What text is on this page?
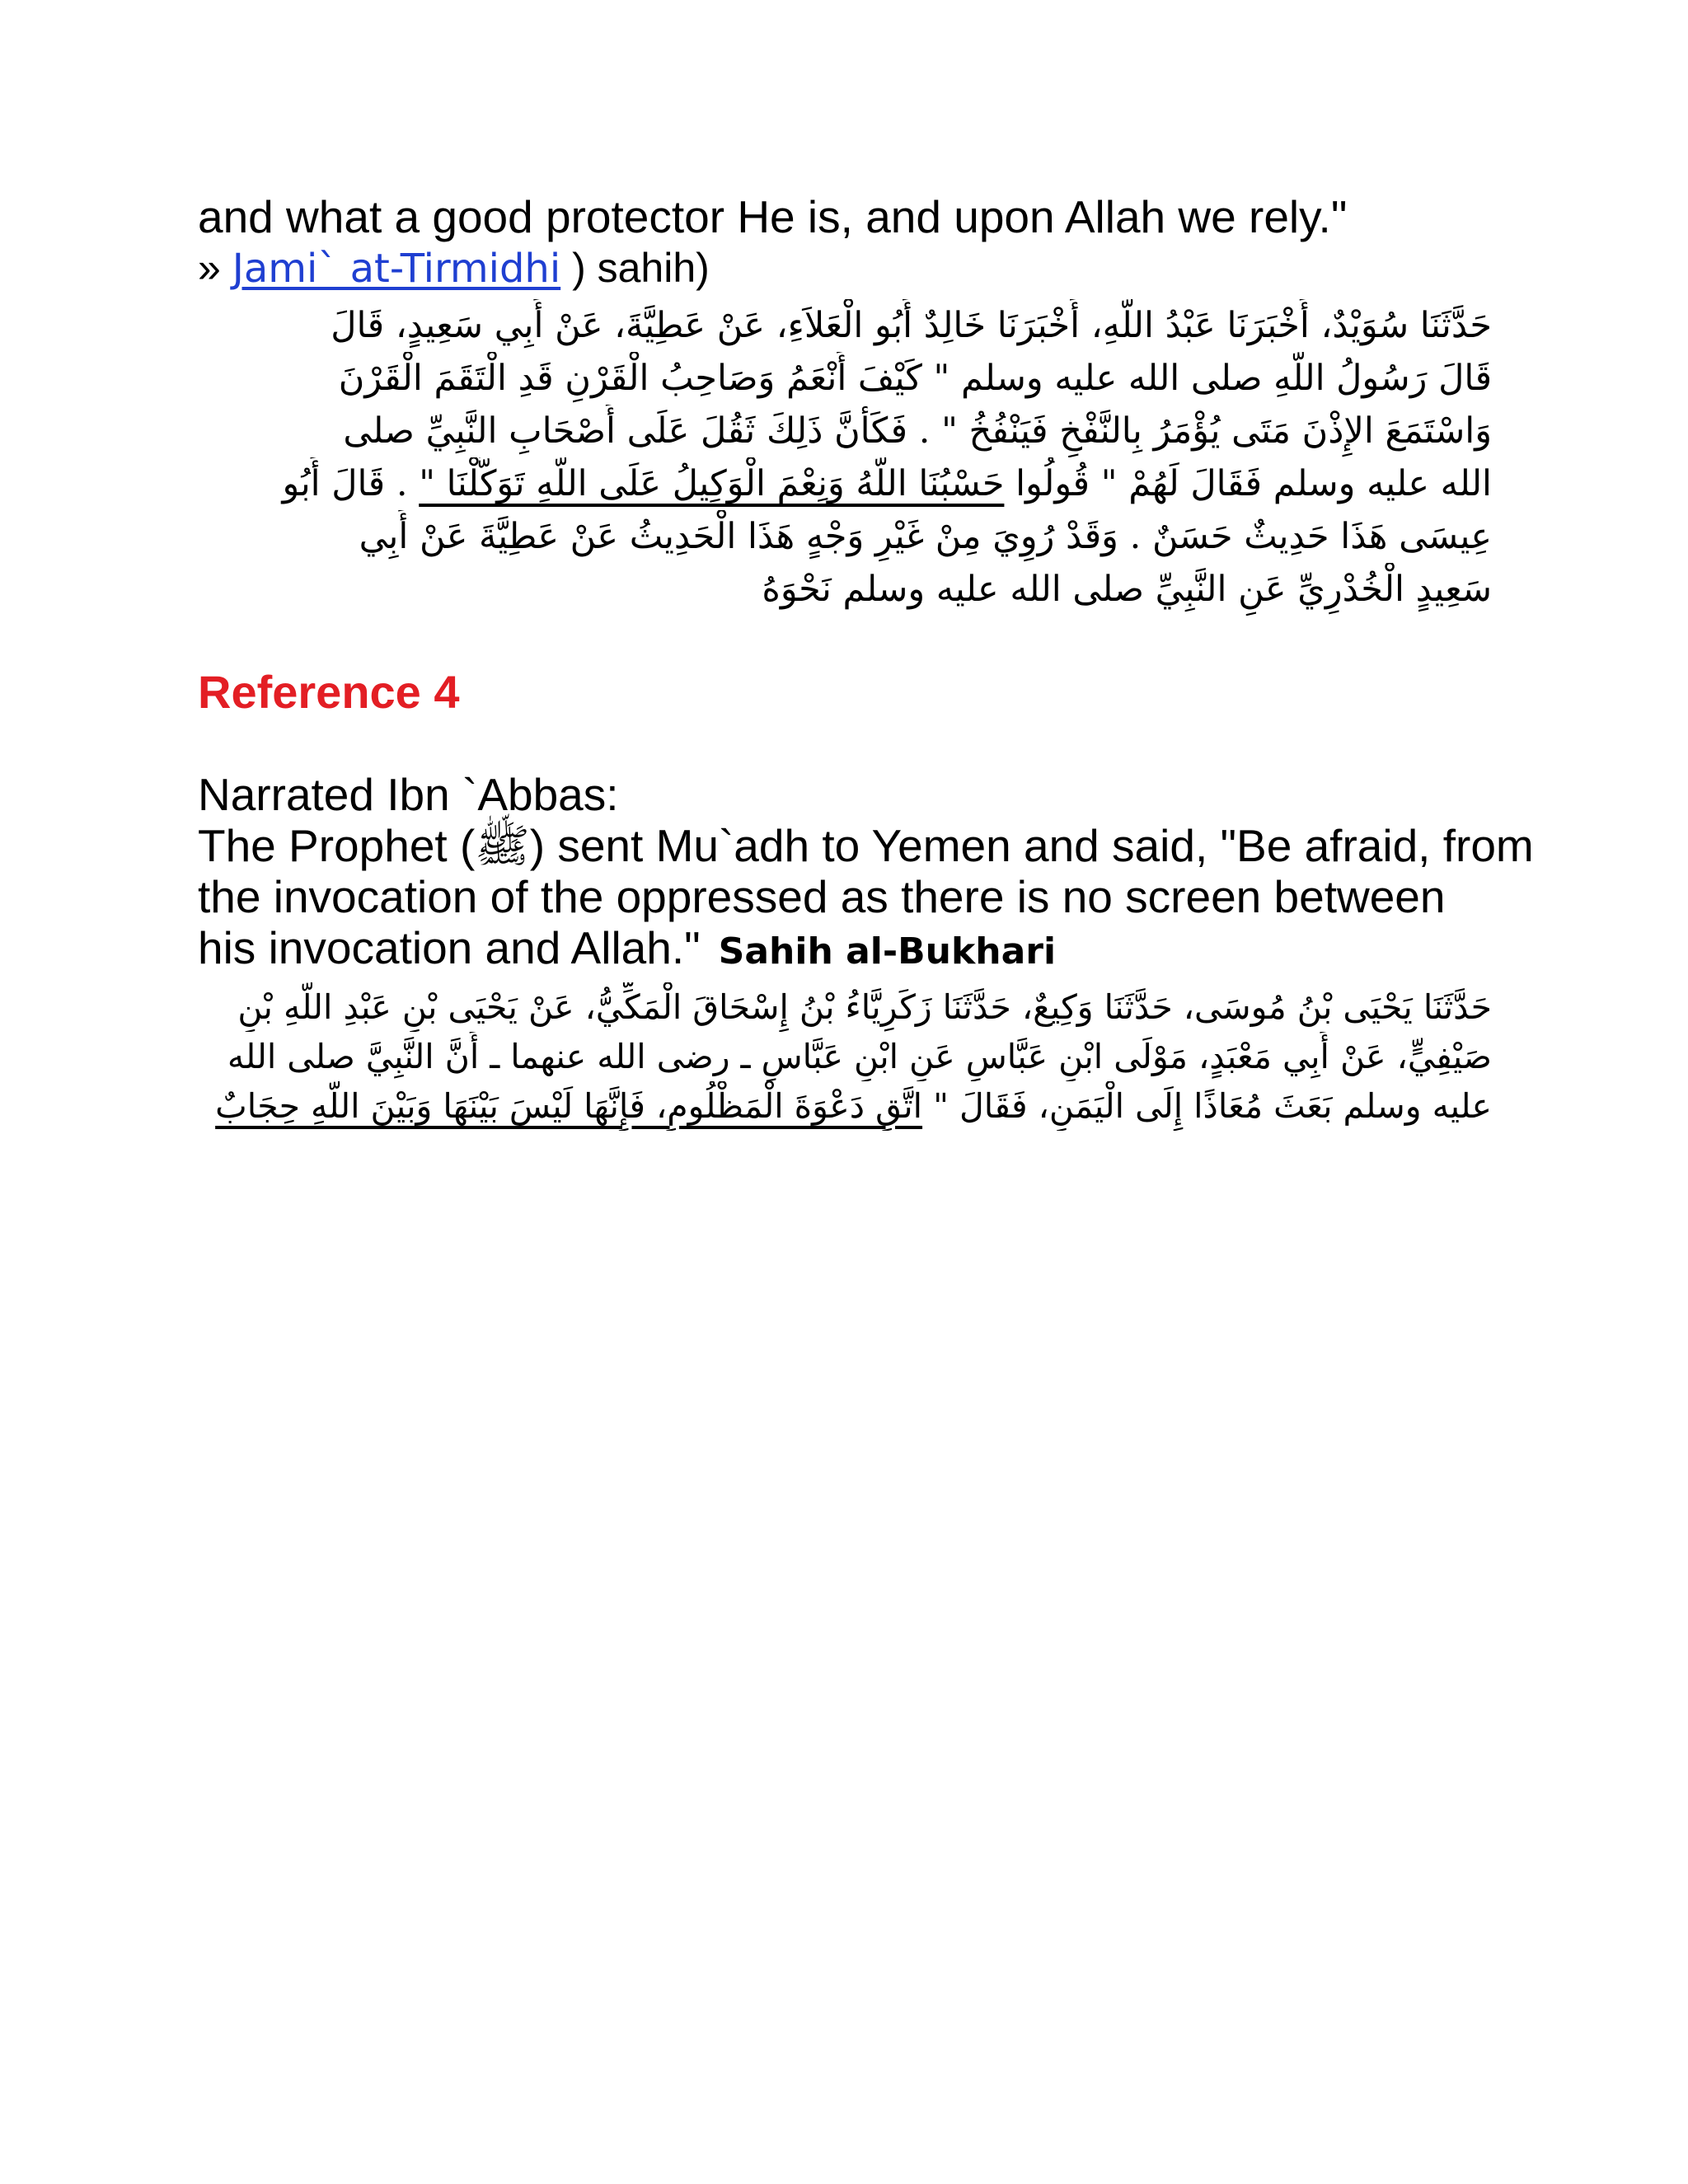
and what a good protector He is, and upon Allah we rely."

» Jami` at-Tirmidhi ) sahih)

حَدَّثَنَا سُوَيْدٌ، أَخْبَرَنَا عَبْدُ اللَّهِ، أَخْبَرَنَا خَالِدٌ أَبُو الْعَلاَءِ، عَنْ عَطِيَّةَ، عَنْ أَبِي سَعِيدٍ، قَالَ

قَالَ رَسُولُ اللَّهِ صلى الله عليه وسلم " كَيْفَ أَنْعَمُ وَصَاحِبُ الْقَرْنِ قَدِ الْتَقَمَ الْقَرْنَ

وَاسْتَمَعَ الإِذْنَ مَتَى يُؤْمَرُ بِالنَّفْخِ فَيَنْفُخُ " . فَكَأَنَّ ذَلِكَ ثَقُلَ عَلَى أَصْحَابِ النَّبِيِّ صلى

الله عليه وسلم فَقَالَ لَهُمْ " قُولُوا حَسْبُنَا اللَّهُ وَنِعْمَ الْوَكِيلُ عَلَى اللَّهِ تَوَكَّلْنَا " . قَالَ أَبُو

عِيسَى هَذَا حَدِيثٌ حَسَنٌ . وَقَدْ رُوِيَ مِنْ غَيْرِ وَجْهٍ هَذَا الْحَدِيثُ عَنْ عَطِيَّةَ عَنْ أَبِي

سَعِيدٍ الْخُدْرِيِّ عَنِ النَّبِيِّ صلى الله عليه وسلم نَحْوَهُ

Reference 4

Narrated Ibn `Abbas:

The Prophet (ﷺ) sent Mu`adh to Yemen and said, "Be afraid, from

the invocation of the oppressed as there is no screen between

his invocation and Allah." Sahih al-Bukhari

حَدَّثَنَا يَحْيَى بْنُ مُوسَى، حَدَّثَنَا وَكِيعٌ، حَدَّثَنَا زَكَرِيَّاءُ بْنُ إِسْحَاقَ الْمَكِّيُّ، عَنْ يَحْيَى بْنِ عَبْدِ اللَّهِ بْنِ

صَيْفِيٍّ، عَنْ أَبِي مَعْبَدٍ، مَوْلَى ابْنِ عَبَّاسٍ عَنِ ابْنِ عَبَّاسٍ ـ رضى الله عنهما ـ أَنَّ النَّبِيَّ صلى الله

عليه وسلم بَعَثَ مُعَاذًا إِلَى الْيَمَنِ، فَقَالَ " اتَّقِ دَعْوَةَ الْمَظْلُومِ، فَإِنَّهَا لَيْسَ بَيْنَهَا وَبَيْنَ اللَّهِ حِجَابٌ
